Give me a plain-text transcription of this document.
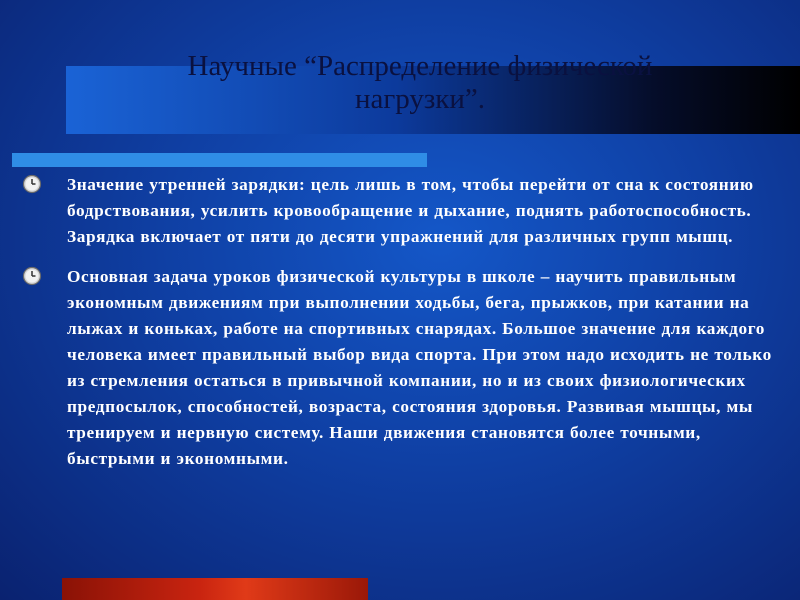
Научные “Распределение физической
нагрузки”.
Значение утренней зарядки: цель лишь в том, чтобы перейти от сна к состоянию бодрствования, усилить кровообращение и дыхание, поднять работоспособность. Зарядка включает от пяти до десяти упражнений для различных групп мышц.
Основная задача уроков физической культуры в школе – научить правильным экономным движениям при выполнении ходьбы, бега, прыжков, при катании на лыжах и коньках, работе на спортивных снарядах. Большое значение для каждого человека имеет правильный выбор вида спорта. При этом надо исходить не только из стремления остаться в привычной компании, но и из своих физиологических предпосылок, способностей, возраста, состояния здоровья. Развивая мышцы, мы тренируем и нервную систему. Наши движения становятся более точными, быстрыми и экономными.
